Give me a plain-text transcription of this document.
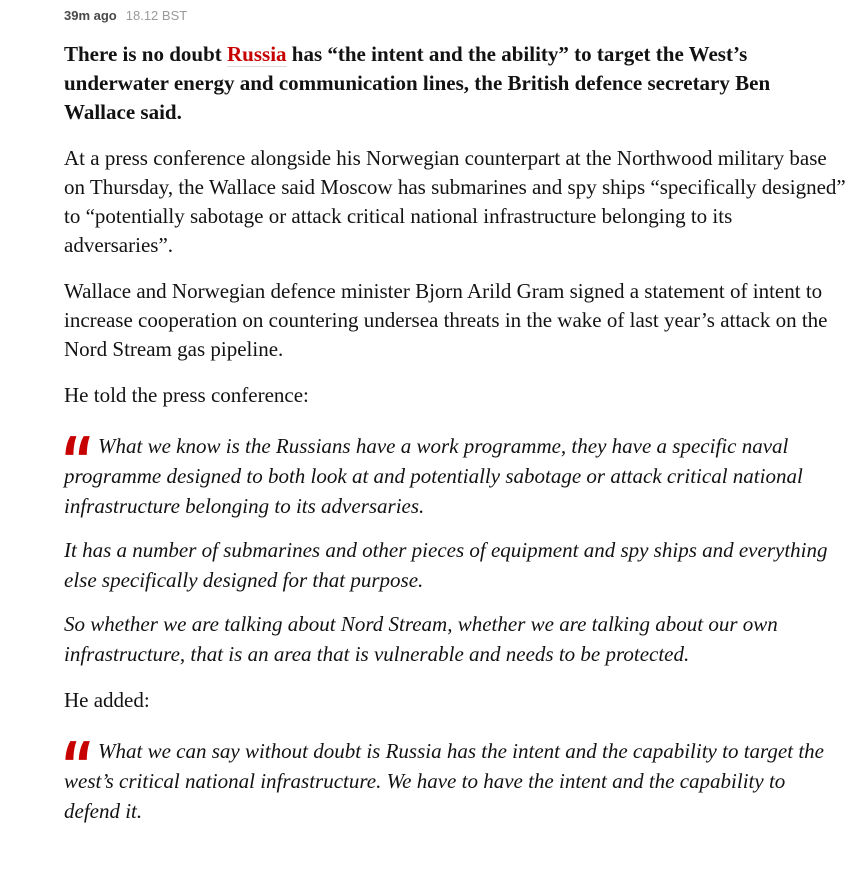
39m ago 18.12 BST
There is no doubt Russia has “the intent and the ability” to target the West’s underwater energy and communication lines, the British defence secretary Ben Wallace said.

At a press conference alongside his Norwegian counterpart at the Northwood military base on Thursday, the Wallace said Moscow has submarines and spy ships “specifically designed” to “potentially sabotage or attack critical national infrastructure belonging to its adversaries”.

Wallace and Norwegian defence minister Bjorn Arild Gram signed a statement of intent to increase cooperation on countering undersea threats in the wake of last year’s attack on the Nord Stream gas pipeline.

He told the press conference:

What we know is the Russians have a work programme, they have a specific naval programme designed to both look at and potentially sabotage or attack critical national infrastructure belonging to its adversaries.

It has a number of submarines and other pieces of equipment and spy ships and everything else specifically designed for that purpose.

So whether we are talking about Nord Stream, whether we are talking about our own infrastructure, that is an area that is vulnerable and needs to be protected.

He added:

What we can say without doubt is Russia has the intent and the capability to target the west’s critical national infrastructure. We have to have the intent and the capability to defend it.
